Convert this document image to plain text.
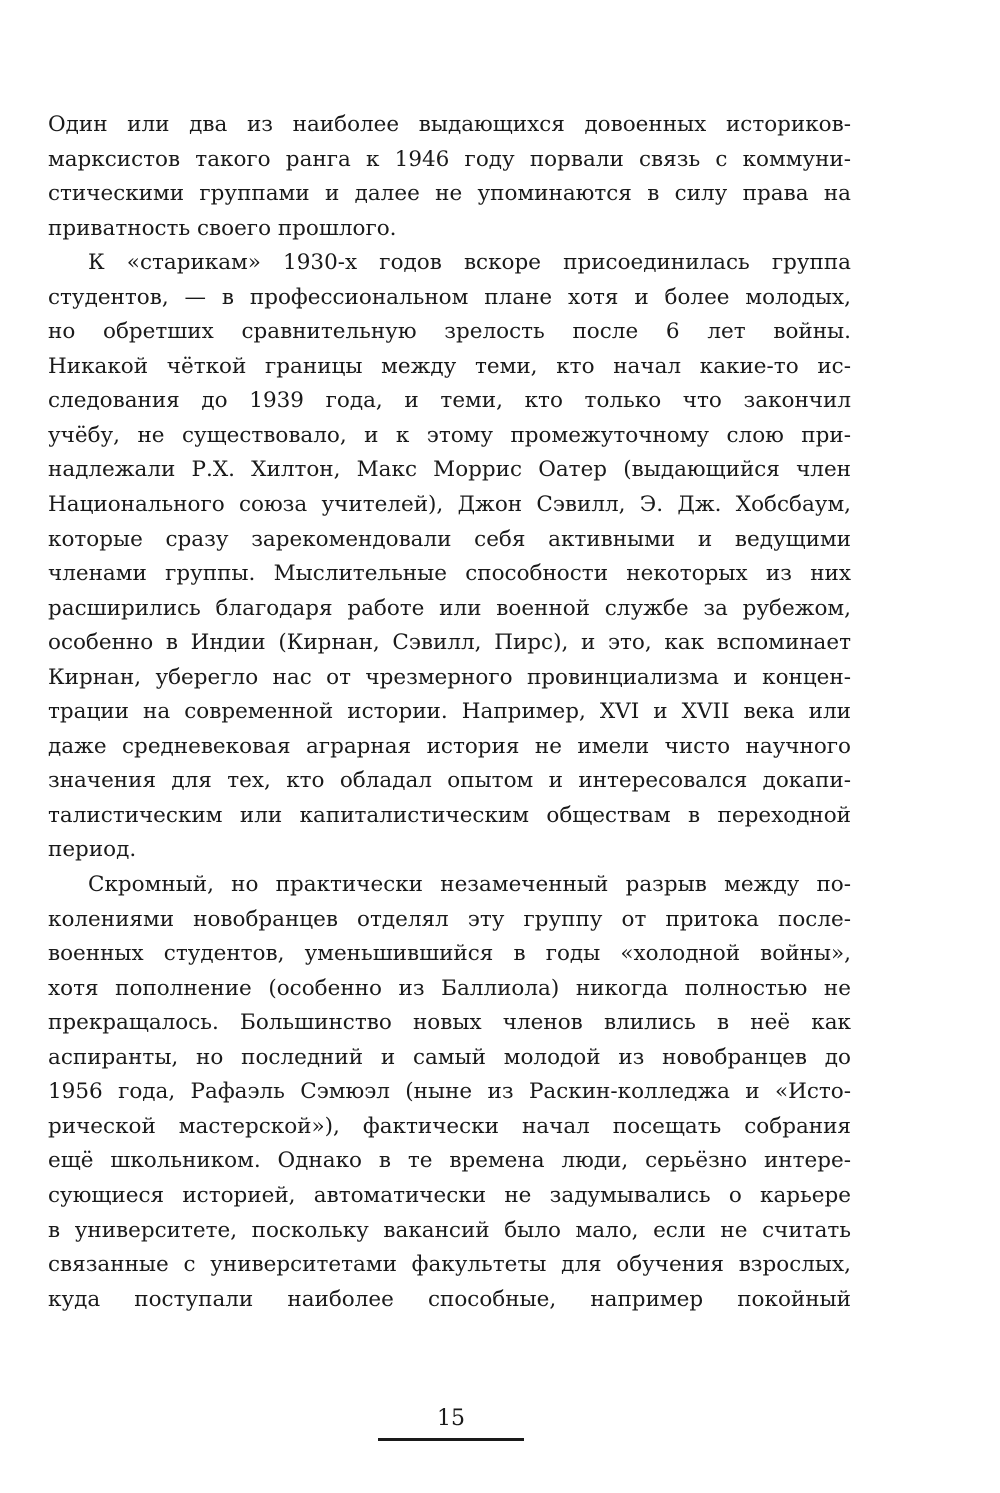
Один или два из наиболее выдающихся довоенных историков-
марксистов такого ранга к 1946 году порвали связь с коммуни-
стическими группами и далее не упоминаются в силу права на
приватность своего прошлого.
К «старикам» 1930-х годов вскоре присоединилась группа
студентов, — в профессиональном плане хотя и более молодых,
но обретших сравнительную зрелость после 6 лет войны.
Никакой чёткой границы между теми, кто начал какие-то ис-
следования до 1939 года, и теми, кто только что закончил
учёбу, не существовало, и к этому промежуточному слою при-
надлежали Р.Х. Хилтон, Макс Моррис Оатер (выдающийся член
Национального союза учителей), Джон Сэвилл, Э. Дж. Хобсбаум,
которые сразу зарекомендовали себя активными и ведущими
членами группы. Мыслительные способности некоторых из них
расширились благодаря работе или военной службе за рубежом,
особенно в Индии (Кирнан, Сэвилл, Пирс), и это, как вспоминает
Кирнан, уберегло нас от чрезмерного провинциализма и концен-
трации на современной истории. Например, XVI и XVII века или
даже средневековая аграрная история не имели чисто научного
значения для тех, кто обладал опытом и интересовался докапи-
талистическим или капиталистическим обществам в переходной
период.
Скромный, но практически незамеченный разрыв между по-
колениями новобранцев отделял эту группу от притока после-
военных студентов, уменьшившийся в годы «холодной войны»,
хотя пополнение (особенно из Баллиола) никогда полностью не
прекращалось. Большинство новых членов влились в неё как
аспиранты, но последний и самый молодой из новобранцев до
1956 года, Рафаэль Сэмюэл (ныне из Раскин-колледжа и «Исто-
рической мастерской»), фактически начал посещать собрания
ещё школьником. Однако в те времена люди, серьёзно интере-
сующиеся историей, автоматически не задумывались о карьере
в университете, поскольку вакансий было мало, если не считать
связанные с университетами факультеты для обучения взрослых,
куда поступали наиболее способные, например покойный
15
